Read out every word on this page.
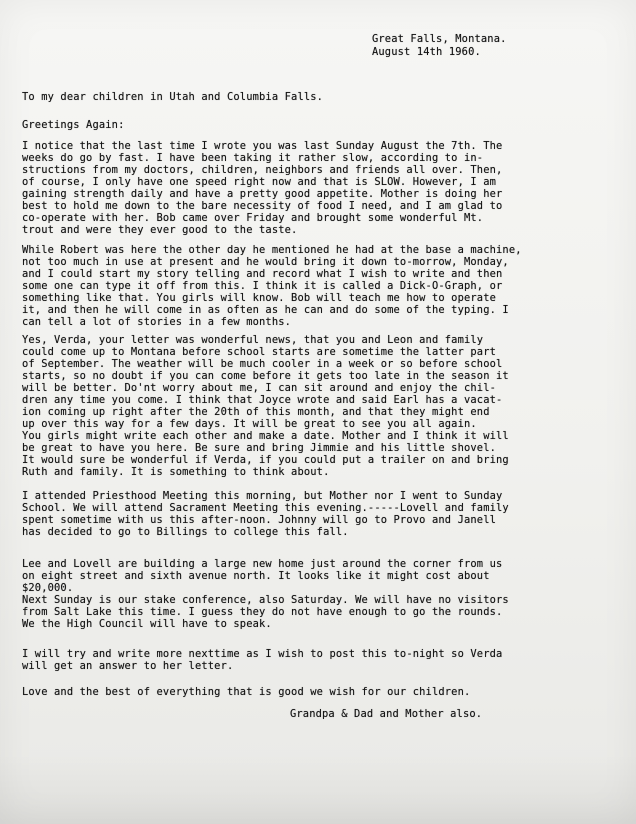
Great Falls, Montana.

August 14th 1960.

To my dear children in Utah and Columbia Falls.

Greetings Again:

I notice that the last time I wrote you was last Sunday August the 7th. The
weeks do go by fast. I have been taking it rather slow, according to in-
structions from my doctors, children, neighbors and friends all over. Then,
of course, I only have one speed right now and that is SLOW. However, I am
gaining strength daily and have a pretty good appetite. Mother is doing her
best to hold me down to the bare necessity of food I need, and I am glad to
co-operate with her. Bob came over Friday and brought some wonderful Mt.
trout and were they ever good to the taste.
While Robert was here the other day he mentioned he had at the base a machine,
not too much in use at present and he would bring it down to-morrow, Monday,
and I could start my story telling and record what I wish to write and then
some one can type it off from this. I think it is called a Dick-O-Graph, or
something like that. You girls will know. Bob will teach me how to operate
it, and then he will come in as often as he can and do some of the typing. I
can tell a lot of stories in a few months.
Yes, Verda, your letter was wonderful news, that you and Leon and family
could come up to Montana before school starts are sometime the latter part
of September. The weather will be much cooler in a week or so before school
starts, so no doubt if you can come before it gets too late in the season it
will be better. Do'nt worry about me, I can sit around and enjoy the chil-
dren any time you come. I think that Joyce wrote and said Earl has a vacat-
ion coming up right after the 20th of this month, and that they might end
up over this way for a few days. It will be great to see you all again.
You girls might write each other and make a date. Mother and I think it will
be great to have you here. Be sure and bring Jimmie and his little shovel.
It would sure be wonderful if Verda, if you could put a trailer on and bring
Ruth and family. It is something to think about.
I attended Priesthood Meeting this morning, but Mother nor I went to Sunday
School. We will attend Sacrament Meeting this evening.-----Lovell and family
spent sometime with us this after-noon. Johnny will go to Provo and Janell
has decided to go to Billings to college this fall.
Lee and Lovell are building a large new home just around the corner from us
on eight street and sixth avenue north. It looks like it might cost about
$20,000.
Next Sunday is our stake conference, also Saturday. We will have no visitors
from Salt Lake this time. I guess they do not have enough to go the rounds.
We the High Council will have to speak.
I will try and write more nexttime as I wish to post this to-night so Verda
will get an answer to her letter.
Love and the best of everything that is good we wish for our children.

Grandpa & Dad and Mother also.
